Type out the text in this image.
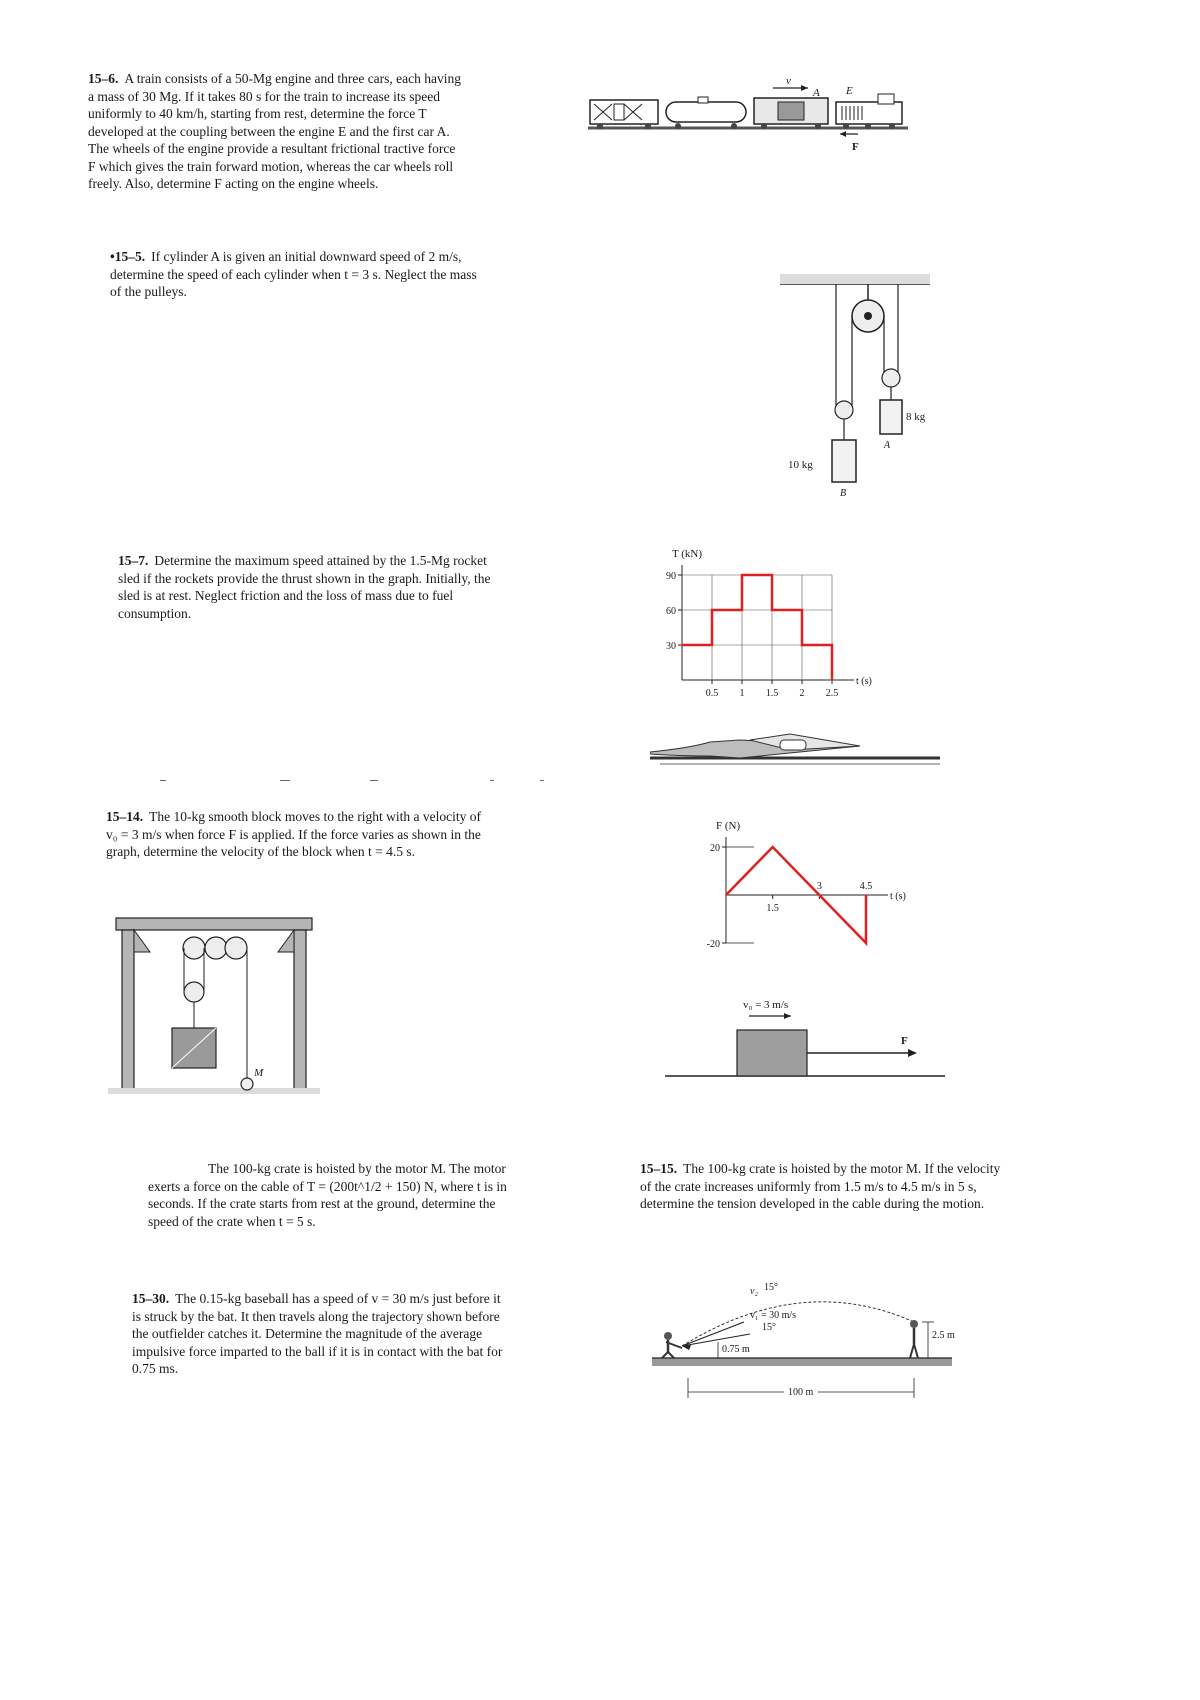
15–6. A train consists of a 50-Mg engine and three cars, each having a mass of 30 Mg. If it takes 80 s for the train to increase its speed uniformly to 40 km/h, starting from rest, determine the force T developed at the coupling between the engine E and the first car A. The wheels of the engine provide a resultant frictional tractive force F which gives the train forward motion, whereas the car wheels roll freely. Also, determine F acting on the engine wheels.

v
A E
F

•15–5. If cylinder A is given an initial downward speed of 2 m/s, determine the speed of each cylinder when t = 3 s. Neglect the mass of the pulleys.

10 kg
B
8 kg
A

15–7. Determine the maximum speed attained by the 1.5-Mg rocket sled if the rockets provide the thrust shown in the graph. Initially, the sled is at rest. Neglect friction and the loss of mass due to fuel consumption.

T (kN)
t (s)
30
60
90
0.5 1 1.5 2 2.5

15–14. The 10-kg smooth block moves to the right with a velocity of v₀ = 3 m/s when force F is applied. If the force varies as shown in the graph, determine the velocity of the block when t = 4.5 s.

F (N)
t (s)
20
-20
1.5
3	4.5
v₀ = 3 m/s
F
M

The 100-kg crate is hoisted by the motor M. The motor exerts a force on the cable of T = (200t^1/2 + 150) N, where t is in seconds. If the crate starts from rest at the ground, determine the speed of the crate when t = 5 s.

15–15. The 100-kg crate is hoisted by the motor M. If the velocity of the crate increases uniformly from 1.5 m/s to 4.5 m/s in 5 s, determine the tension developed in the cable during the motion.

15–30. The 0.15-kg baseball has a speed of v = 30 m/s just before it is struck by the bat. It then travels along the trajectory shown before the outfielder catches it. Determine the magnitude of the average impulsive force imparted to the ball if it is in contact with the bat for 0.75 ms.

v₂ 15°
v₁ = 30 m/s
15°
0.75 m
2.5 m
100 m
